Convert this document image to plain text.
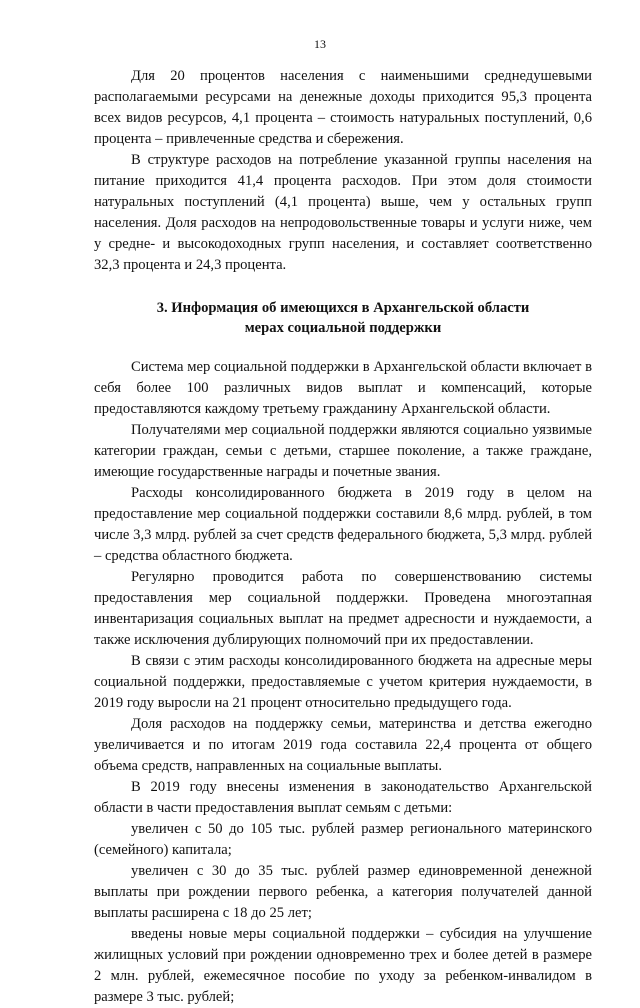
13

Для 20 процентов населения с наименьшими среднедушевыми располагаемыми ресурсами на денежные доходы приходится 95,3 процента всех видов ресурсов, 4,1 процента – стоимость натуральных поступлений, 0,6 процента – привлеченные средства и сбережения.

В структуре расходов на потребление указанной группы населения на питание приходится 41,4 процента расходов. При этом доля стоимости натуральных поступлений (4,1 процента) выше, чем у остальных групп населения. Доля расходов на непродовольственные товары и услуги ниже, чем у средне- и высокодоходных групп населения, и составляет соответственно 32,3 процента и 24,3 процента.

3. Информация об имеющихся в Архангельской области
мерах социальной поддержки

Система мер социальной поддержки в Архангельской области включает в себя более 100 различных видов выплат и компенсаций, которые предоставляются каждому третьему гражданину Архангельской области.

Получателями мер социальной поддержки являются социально уязвимые категории граждан, семьи с детьми, старшее поколение, а также граждане, имеющие государственные награды и почетные звания.

Расходы консолидированного бюджета в 2019 году в целом на предоставление мер социальной поддержки составили 8,6 млрд. рублей, в том числе 3,3 млрд. рублей за счет средств федерального бюджета, 5,3 млрд. рублей – средства областного бюджета.

Регулярно проводится работа по совершенствованию системы предоставления мер социальной поддержки. Проведена многоэтапная инвентаризация социальных выплат на предмет адресности и нуждаемости, а также исключения дублирующих полномочий при их предоставлении.

В связи с этим расходы консолидированного бюджета на адресные меры социальной поддержки, предоставляемые с учетом критерия нуждаемости, в 2019 году выросли на 21 процент относительно предыдущего года.

Доля расходов на поддержку семьи, материнства и детства ежегодно увеличивается и по итогам 2019 года составила 22,4 процента от общего объема средств, направленных на социальные выплаты.

В 2019 году внесены изменения в законодательство Архангельской области в части предоставления выплат семьям с детьми:

увеличен с 50 до 105 тыс. рублей размер регионального материнского (семейного) капитала;

увеличен с 30 до 35 тыс. рублей размер единовременной денежной выплаты при рождении первого ребенка, а категория получателей данной выплаты расширена с 18 до 25 лет;

введены новые меры социальной поддержки – субсидия на улучшение жилищных условий при рождении одновременно трех и более детей в размере 2 млн. рублей, ежемесячное пособие по уходу за ребенком-инвалидом в размере 3 тыс. рублей;
